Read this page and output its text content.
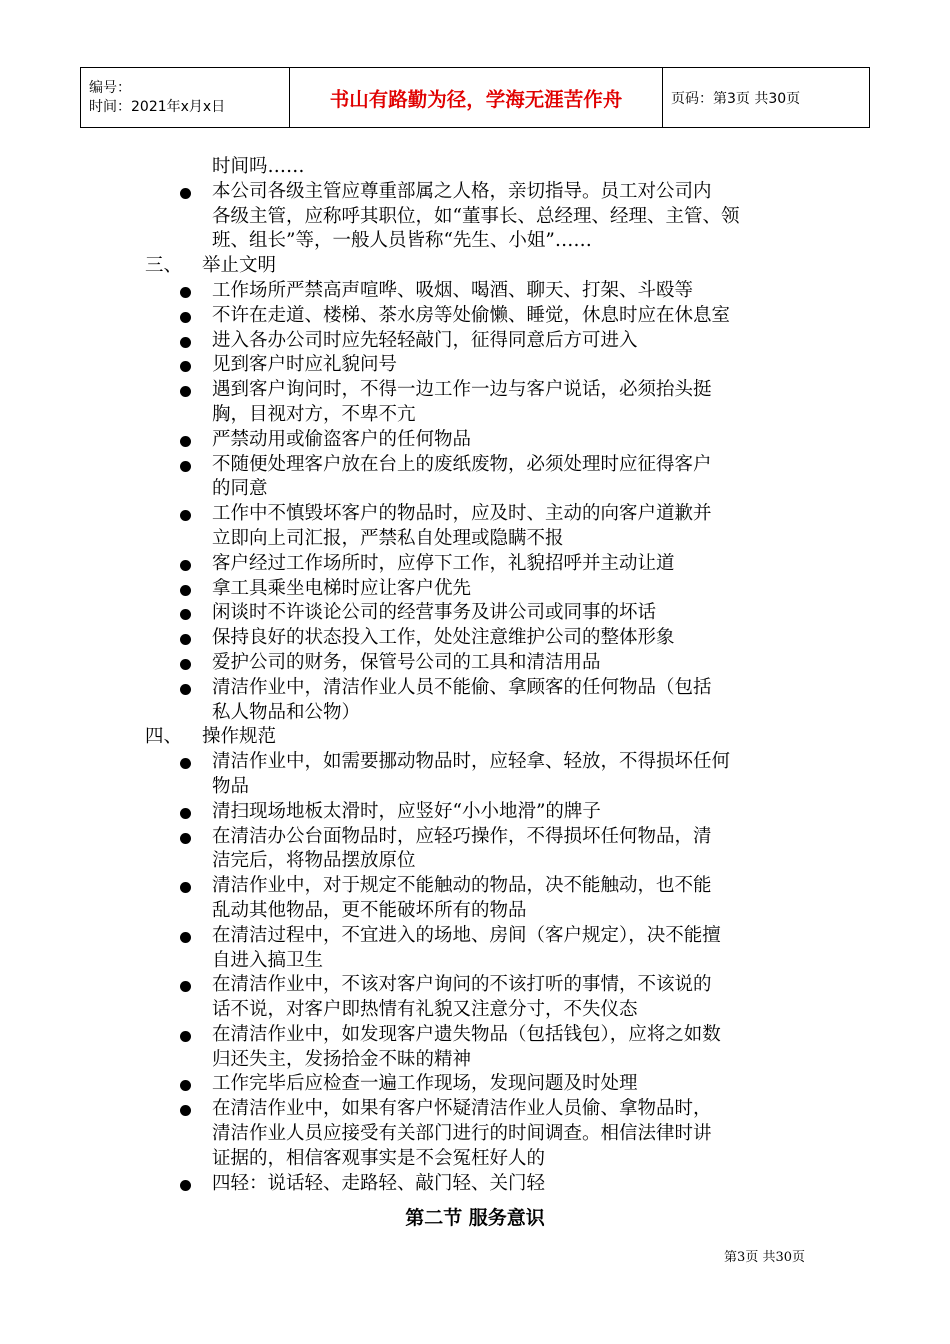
编号：
时间：2021年x月x日	书山有路勤为径，学海无涯苦作舟	页码：第3页 共30页
时间吗……
本公司各级主管应尊重部属之人格，亲切指导。员工对公司内
各级主管，应称呼其职位，如“董事长、总经理、经理、主管、领
班、组长”等，一般人员皆称“先生、小姐”……
三、 举止文明
工作场所严禁高声喧哗、吸烟、喝酒、聊天、打架、斗殴等
不许在走道、楼梯、茶水房等处偷懒、睡觉，休息时应在休息室
进入各办公司时应先轻轻敲门，征得同意后方可进入
见到客户时应礼貌问号
遇到客户询问时，不得一边工作一边与客户说话，必须抬头挺
胸，目视对方，不卑不亢
严禁动用或偷盗客户的任何物品
不随便处理客户放在台上的废纸废物，必须处理时应征得客户
的同意
工作中不慎毁坏客户的物品时，应及时、主动的向客户道歉并
立即向上司汇报，严禁私自处理或隐瞒不报
客户经过工作场所时，应停下工作，礼貌招呼并主动让道
拿工具乘坐电梯时应让客户优先
闲谈时不许谈论公司的经营事务及讲公司或同事的坏话
保持良好的状态投入工作，处处注意维护公司的整体形象
爱护公司的财务，保管号公司的工具和清洁用品
清洁作业中，清洁作业人员不能偷、拿顾客的任何物品（包括
私人物品和公物）
四、 操作规范
清洁作业中，如需要挪动物品时，应轻拿、轻放，不得损坏任何
物品
清扫现场地板太滑时，应竖好“小小地滑”的牌子
在清洁办公台面物品时，应轻巧操作，不得损坏任何物品，清
洁完后，将物品摆放原位
清洁作业中，对于规定不能触动的物品，决不能触动，也不能
乱动其他物品，更不能破坏所有的物品
在清洁过程中，不宜进入的场地、房间（客户规定），决不能擅
自进入搞卫生
在清洁作业中，不该对客户询问的不该打听的事情，不该说的
话不说，对客户即热情有礼貌又注意分寸，不失仪态
在清洁作业中，如发现客户遗失物品（包括钱包），应将之如数
归还失主，发扬拾金不昧的精神
工作完毕后应检查一遍工作现场，发现问题及时处理
在清洁作业中，如果有客户怀疑清洁作业人员偷、拿物品时，
清洁作业人员应接受有关部门进行的时间调查。相信法律时讲
证据的，相信客观事实是不会冤枉好人的
四轻：说话轻、走路轻、敲门轻、关门轻
第二节 服务意识
第3页 共30页
